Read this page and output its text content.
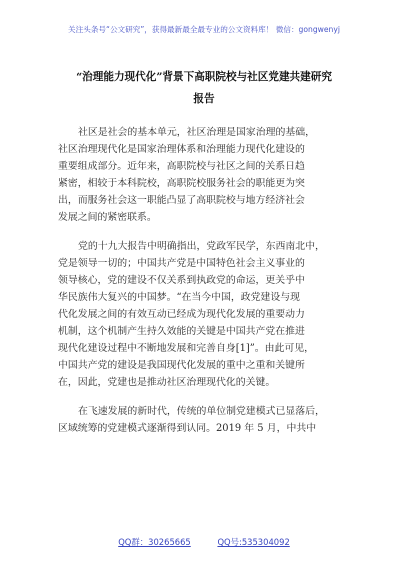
关注头条号“公文研究”，获得最新最全最专业的公文资料库！ 微信：gongwenyj
“治理能力现代化”背景下高职院校与社区党建共建研究
报告
社区是社会的基本单元，社区治理是国家治理的基础，
社区治理现代化是国家治理体系和治理能力现代化建设的
重要组成部分。近年来，高职院校与社区之间的关系日趋
紧密，相较于本科院校，高职院校服务社会的职能更为突
出，而服务社会这一职能凸显了高职院校与地方经济社会
发展之间的紧密联系。
党的十九大报告中明确指出，党政军民学，东西南北中，
党是领导一切的；中国共产党是中国特色社会主义事业的
领导核心，党的建设不仅关系到执政党的命运，更关乎中
华民族伟大复兴的中国梦。“在当今中国，政党建设与现
代化发展之间的有效互动已经成为现代化发展的重要动力
机制，这个机制产生持久效能的关键是中国共产党在推进
现代化建设过程中不断地发展和完善自身[1]”。由此可见，
中国共产党的建设是我国现代化发展的重中之重和关键所
在，因此，党建也是推动社区治理现代化的关键。
在飞速发展的新时代，传统的单位制党建模式已显落后，
区域统筹的党建模式逐渐得到认同。2019 年 5 月，中共中
QQ群：30265665	QQ号:535304092
